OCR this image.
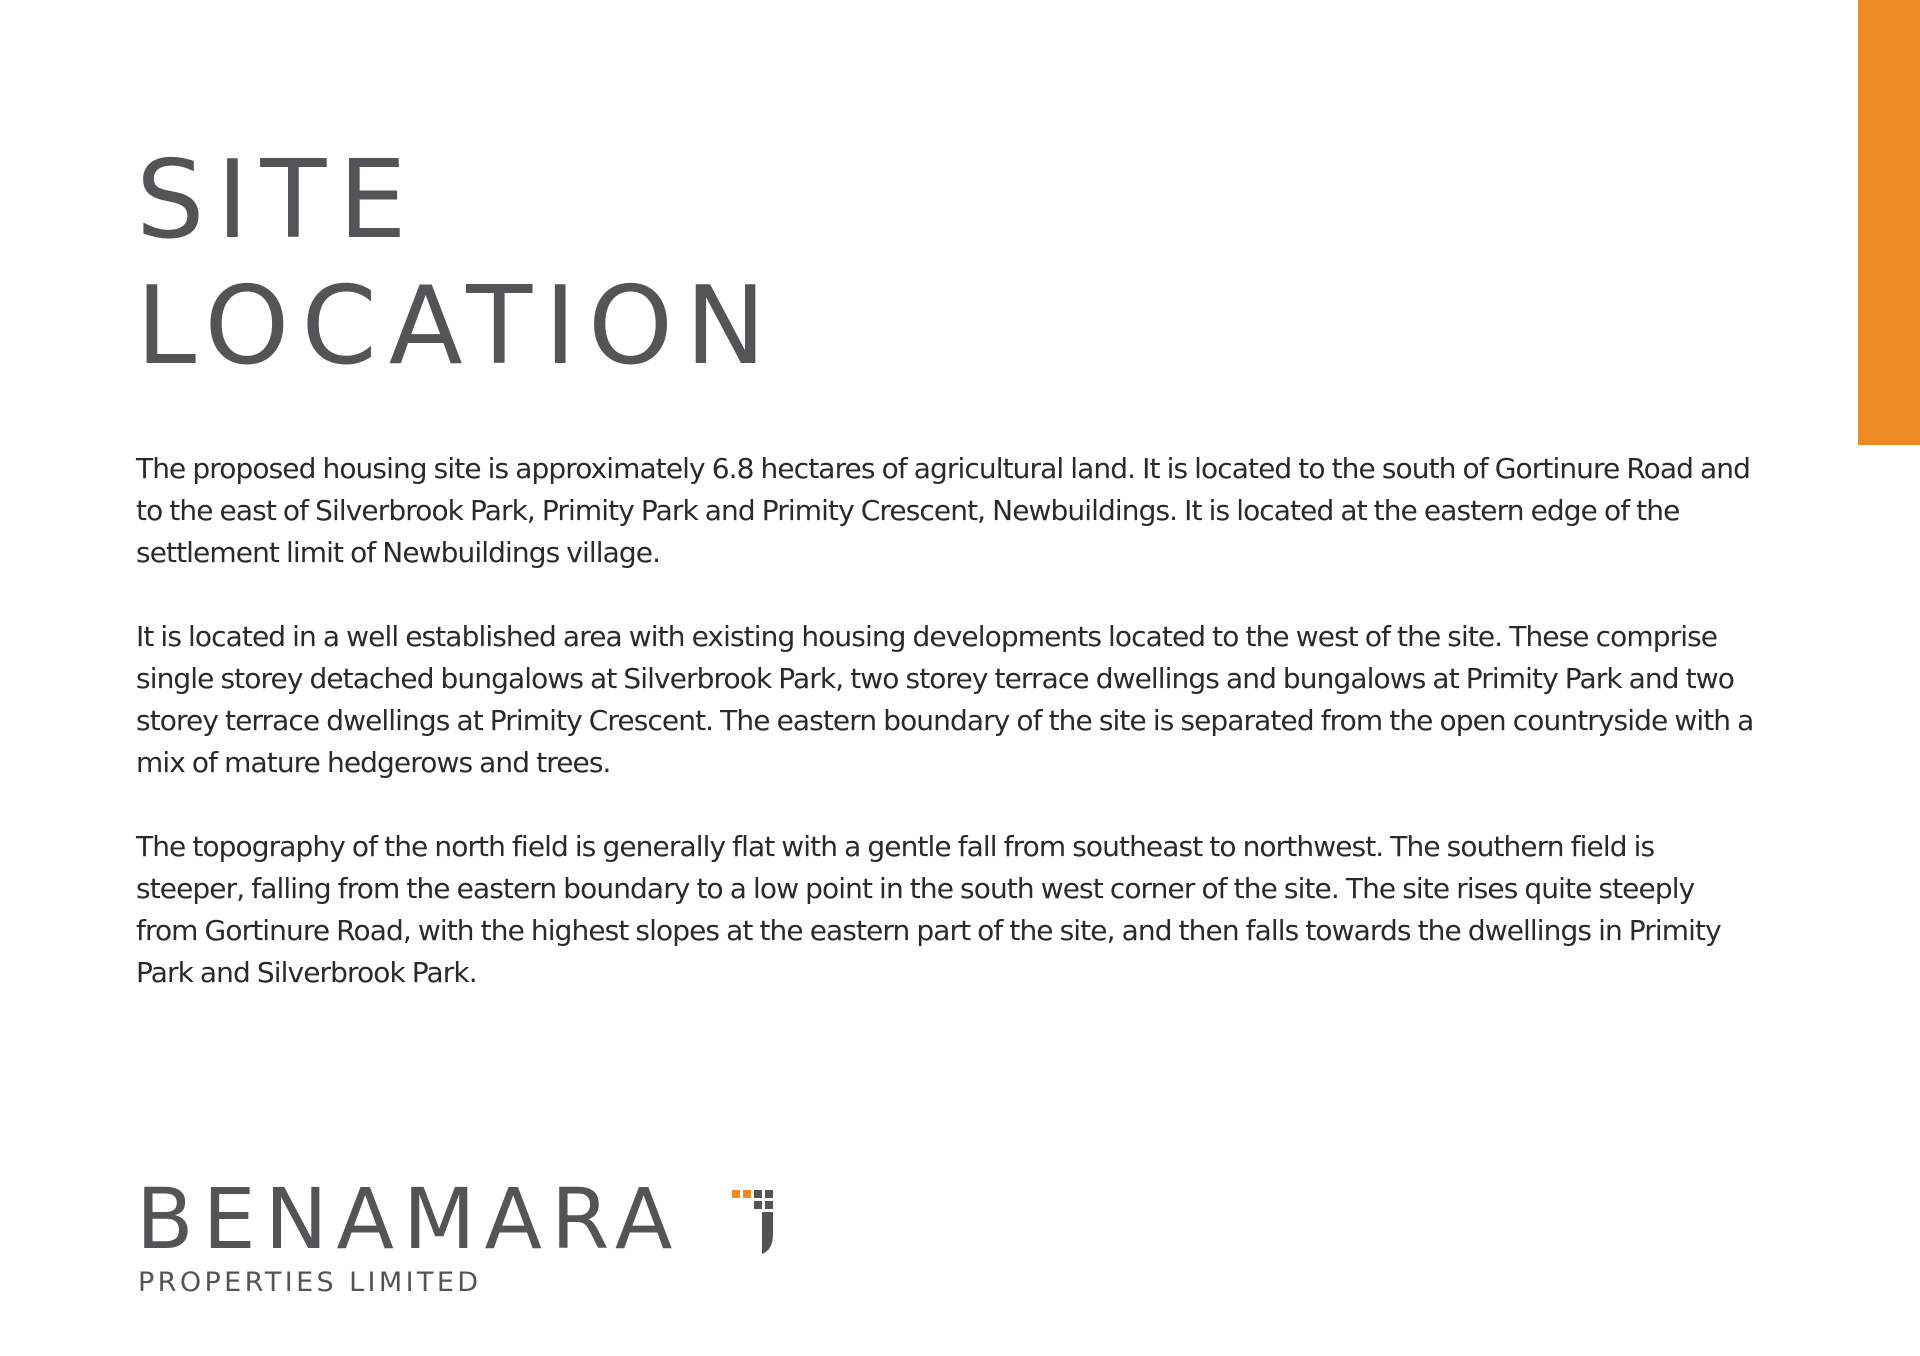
SITE
LOCATION

The proposed housing site is approximately 6.8 hectares of agricultural land. It is located to the south of Gortinure Road and to the east of Silverbrook Park, Primity Park and Primity Crescent, Newbuildings. It is located at the eastern edge of the settlement limit of Newbuildings village.

It is located in a well established area with existing housing developments located to the west of the site. These comprise single storey detached bungalows at Silverbrook Park, two storey terrace dwellings and bungalows at Primity Park and two storey terrace dwellings at Primity Crescent. The eastern boundary of the site is separated from the open countryside with a mix of mature hedgerows and trees.

The topography of the north field is generally flat with a gentle fall from southeast to northwest. The southern field is steeper, falling from the eastern boundary to a low point in the south west corner of the site. The site rises quite steeply from Gortinure Road, with the highest slopes at the eastern part of the site, and then falls towards the dwellings in Primity Park and Silverbrook Park.

BENAMARA
PROPERTIES LIMITED
